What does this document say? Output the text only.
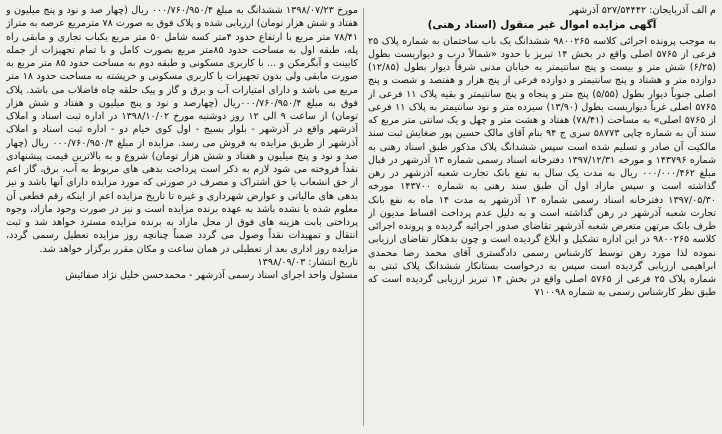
م الف آذربایجان: ۵۲۷/۵۴۴۴۲ آذرشهر

آگهی مزایده اموال غیر منقول (اسناد رهنی)

به موجب پرونده اجرائی کلاسه ۹۸۰۰۲۶۵ ششدانگ یک باب ساختمان به شماره پلاک ۲۵ فرعی از ۵۷۶۵ اصلی واقع در بخش ۱۴ تبریز با حدود «شمالاً درب و دیواریست بطول (۶/۲۵) شش متر و بیست و پنج سانتیمتر به خیابان مدنی شرقاً دیوار بطول (۱۲/۸۵) دوازده متر و هشتاد و پنج سانتیمتر و دوازده فرعی از پنج هزار و هفتصد و شصت و پنج اصلی جنوباً دیوار بطول (۵/۵۵) پنج متر و پنجاه و پنج سانتیمتر و بقیه پلاک ۱۱ فرعی از ۵۷۶۵ اصلی غرباً دیواریست بطول (۱۳/۹۰) سیزده متر و نود سانتیمتر به پلاک ۱۱ فرعی از ۵۷۶۵ اصلی» به مساحت (۷۸/۴۱) هفتاد و هشت متر و چهل و یک سانتی متر مربع که سند آن به شماره چاپی ۵۸۷۷۳ سری ج ۹۴ بنام آقای مالک حسین پور صغایش ثبت سند مالکیت آن صادر و تسلیم شده است سپس ششدانگ پلاک مذکور طبق اسناد رهنی به شماره ۱۴۳۷۹۶ و مورخه ۱۳۹۷/۱۲/۳۱ دفترخانه اسناد رسمی شماره ۱۳ آذرشهر در قبال مبلغ ۰۰۰/۰۰۰/۴۶۲ ریال به مدت یک سال به نفع بانک تجارت شعبه آذرشهر در رهن گذاشته است و سپس مازاد اول آن طبق سند رهنی به شماره ۱۴۳۷۰۰ مورخه ۱۳۹۷/۰۵/۳۰ دفترخانه اسناد رسمی شماره ۱۳ آذرشهر به مدت ۱۴ ماه به نفع بانک تجارت شعبه آذرشهر در رهن گذاشته است و به دلیل عدم پرداخت اقساط مدیون از طرف بانک مرتهن متعرض شعبه آذرشهر تقاضای صدور اجرائیه گردیده و پرونده اجرائی کلاسه ۹۸۰۰۲۶۵ در این اداره تشکیل و ابلاغ گردیده است و چون بدهکار تقاضای ارزیابی نموده لذا مورد رهن توسط کارشناس رسمی دادگستری آقای محمد رضا محمدی ابراهیمی ارزیابی گردیده است سپس به درخواست بستانکار ششدانگ پلاک ثبتی به شماره پلاک ۲۵ فرعی از ۵۷۶۵ اصلی واقع در بخش ۱۴ تبریز ارزیابی گردیده است که طبق نظر کارشناس رسمی به شماره ۷۱۰۰۹۸

مورخ ۱۳۹۸/۰۷/۲۳ ششدانگ به مبلغ ۰۰۰/۷۶۰/۹۵۰/۴ ریال (چهار صد و نود و پنج میلیون و هفتاد و شش هزار تومان) ارزیابی شده و پلاک فوق به صورت ۷۸ مترمربع عرصه به متراژ ۷۸/۴۱ متر مربع با ارتفاع حدود ۴متر کسه شامل ۵۰ متر مربع یکباب تجاری و مابقی راه پله، طبقه اول به مساحت حدود ۸۵متر مربع بصورت کامل و با تمام تجهیزات از جمله کابینت و آبگرمکن و ... با کاربری مسکونی و طبقه دوم به مساحت حدود ۸۵ متر مربع به صورت مابقی ولی بدون تجهیزات با کاربری مسکونی و خرپشته به مساحت حدود ۱۸ متر مربع می باشد و دارای امتیازات آب و برق و گاز و پیک حلقه چاه فاضلاب می باشد. پلاک فوق به مبلغ ۰۰۰/۷۶۰/۹۵۰/۴ریال (چهارصد و نود و پنج میلیون و هفتاد و شش هزار تومان) از ساعت ۹ الی ۱۲ روز دوشنبه مورخ ۱۳۹۸/۱۰/۰۲ در اداره ثبت اسناد و املاک آذرشهر واقع در آذرشهر - بلوار بسیج - اول کوی خیام دو - اداره ثبت اسناد و املاک آذرشهر از طریق مزایده به فروش می رسد. مزایده از مبلغ ۰۰۰/۷۶۰/۹۵۰/۴ ریال (چهار صد و نود و پنج میلیون و هفتاد و شش هزار تومان) شروع و به بالاترین قیمت پیشنهادی نقداً فروخته می شود لازم به ذکر است پرداخت بدهی های مربوط به آب، برق، گاز اعم از حق انشعاب یا حق اشتراک و مصرف در صورتی که مورد مزایده دارای آنها باشد و نیز بدهی های مالیاتی و عوارض شهرداری و غیره تا تاریخ مزایده اعم از اینکه رقم قطعی آن معلوم شده یا نشده باشد به عهده برنده مزایده است و نیز در صورت وجود مازاد، وجوه پرداختی بابت هزینه های فوق از محل مازاد به برنده مزایده مسترد خواهد شد و ثبت انتقال و تمهیدات نقداً وصول می گردد ضمناً چنانچه روز مزایده تعطیل رسمی گردد، مزایده روز اداری بعد از تعطیلی در همان ساعت و مکان مقرر برگزار خواهد شد.

تاریخ انتشار: ۱۳۹۸/۰۹/۰۳

مسئول واحد اجرای اسناد رسمی آذرشهر - محمدحسن خلیل نژاد صفائیش
